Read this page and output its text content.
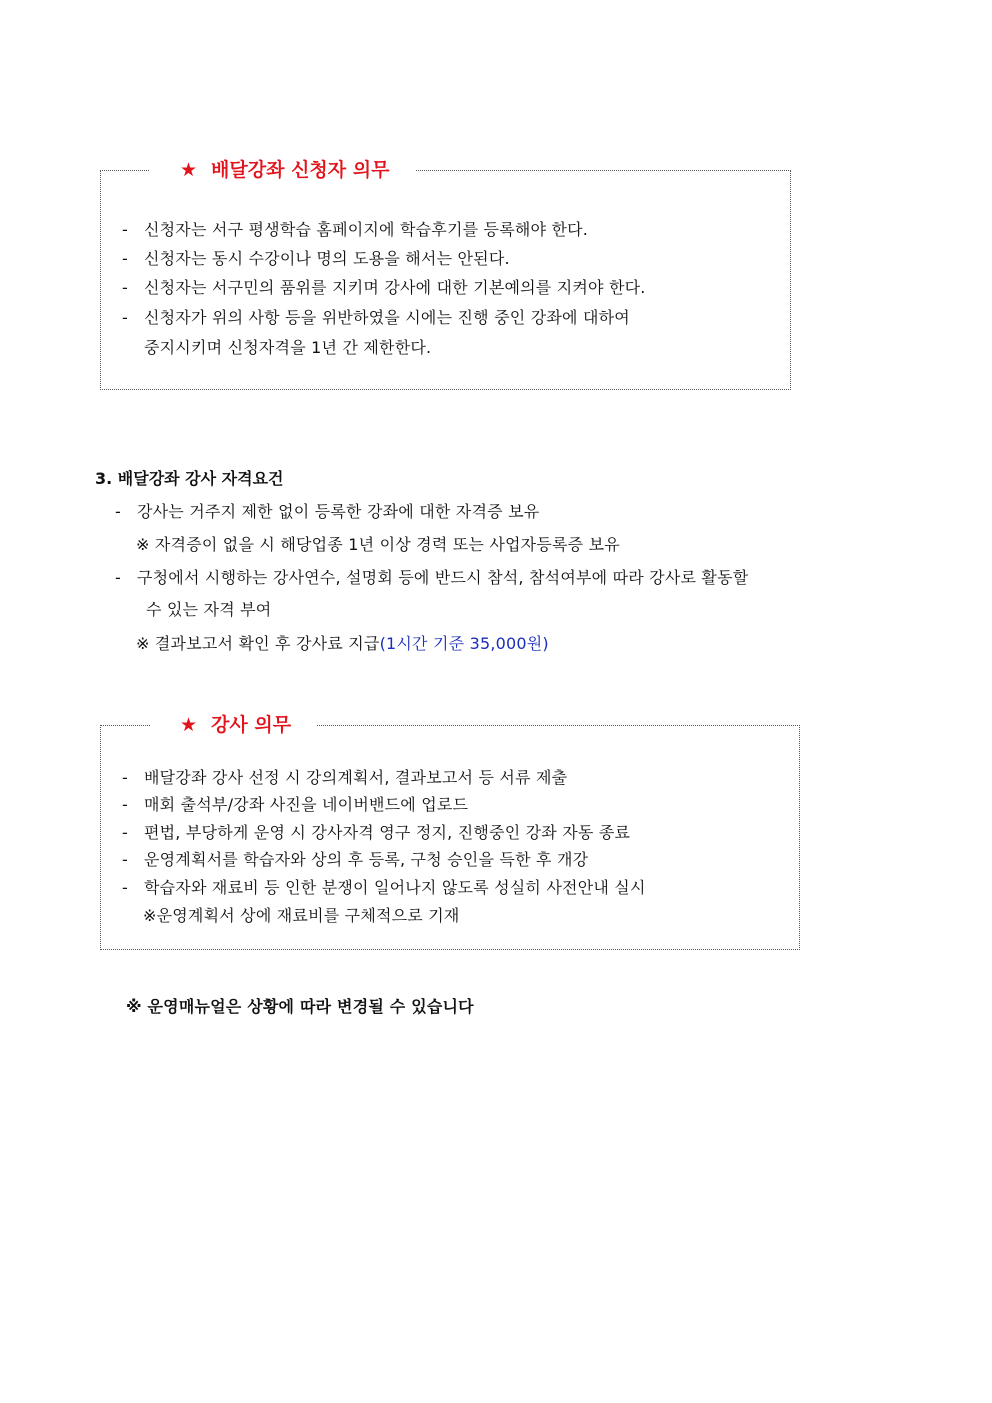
★ 배달강좌 신청자 의무
- 신청자는 서구 평생학습 홈페이지에 학습후기를 등록해야 한다.
- 신청자는 동시 수강이나 명의 도용을 해서는 안된다.
- 신청자는 서구민의 품위를 지키며 강사에 대한 기본예의를 지켜야 한다.
- 신청자가 위의 사항 등을 위반하였을 시에는 진행 중인 강좌에 대하여
중지시키며 신청자격을 1년 간 제한한다.
3. 배달강좌 강사 자격요건
- 강사는 거주지 제한 없이 등록한 강좌에 대한 자격증 보유
※ 자격증이 없을 시 해당업종 1년 이상 경력 또는 사업자등록증 보유
- 구청에서 시행하는 강사연수, 설명회 등에 반드시 참석, 참석여부에 따라 강사로 활동할
수 있는 자격 부여
※ 결과보고서 확인 후 강사료 지급(1시간 기준 35,000원)
★ 강사 의무
- 배달강좌 강사 선정 시 강의계획서, 결과보고서 등 서류 제출
- 매회 출석부/강좌 사진을 네이버밴드에 업로드
- 편법, 부당하게 운영 시 강사자격 영구 정지, 진행중인 강좌 자동 종료
- 운영계획서를 학습자와 상의 후 등록, 구청 승인을 득한 후 개강
- 학습자와 재료비 등 인한 분쟁이 일어나지 않도록 성실히 사전안내 실시
※운영계획서 상에 재료비를 구체적으로 기재
※ 운영매뉴얼은 상황에 따라 변경될 수 있습니다
